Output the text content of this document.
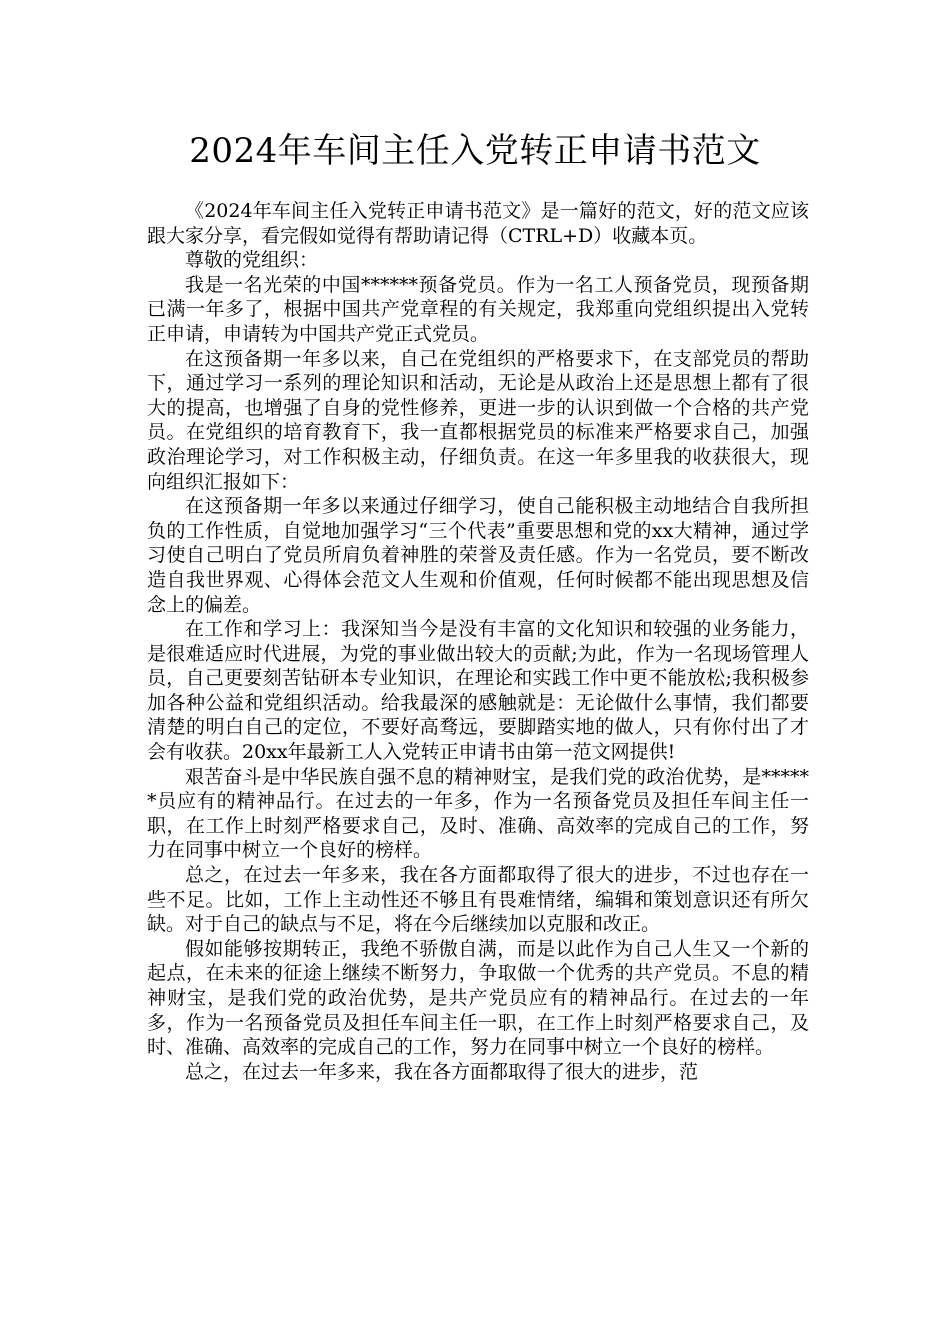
2024年车间主任入党转正申请书范文

《2024年车间主任入党转正申请书范文》是一篇好的范文，好的范文应该跟大家分享，看完假如觉得有帮助请记得（CTRL+D）收藏本页。

尊敬的党组织：

我是一名光荣的中国******预备党员。作为一名工人预备党员，现预备期已满一年多了，根据中国共产党章程的有关规定，我郑重向党组织提出入党转正申请，申请转为中国共产党正式党员。

在这预备期一年多以来，自己在党组织的严格要求下，在支部党员的帮助下，通过学习一系列的理论知识和活动，无论是从政治上还是思想上都有了很大的提高，也增强了自身的党性修养，更进一步的认识到做一个合格的共产党员。在党组织的培育教育下，我一直都根据党员的标准来严格要求自己，加强政治理论学习，对工作积极主动，仔细负责。在这一年多里我的收获很大，现向组织汇报如下：

在这预备期一年多以来通过仔细学习，使自己能积极主动地结合自我所担负的工作性质，自觉地加强学习“三个代表”重要思想和党的xx大精神，通过学习使自己明白了党员所肩负着神胜的荣誉及责任感。作为一名党员，要不断改造自我世界观、心得体会范文人生观和价值观，任何时候都不能出现思想及信念上的偏差。

在工作和学习上：我深知当今是没有丰富的文化知识和较强的业务能力，是很难适应时代进展，为党的事业做出较大的贡献;为此，作为一名现场管理人员，自己更要刻苦钻研本专业知识，在理论和实践工作中更不能放松;我积极参加各种公益和党组织活动。给我最深的感触就是：无论做什么事情，我们都要清楚的明白自己的定位，不要好高骛远，要脚踏实地的做人，只有你付出了才会有收获。20xx年最新工人入党转正申请书由第一范文网提供!

艰苦奋斗是中华民族自强不息的精神财宝，是我们党的政治优势，是******员应有的精神品行。在过去的一年多，作为一名预备党员及担任车间主任一职，在工作上时刻严格要求自己，及时、准确、高效率的完成自己的工作，努力在同事中树立一个良好的榜样。

总之，在过去一年多来，我在各方面都取得了很大的进步，不过也存在一些不足。比如，工作上主动性还不够且有畏难情绪，编辑和策划意识还有所欠缺。对于自己的缺点与不足，将在今后继续加以克服和改正。

假如能够按期转正，我绝不骄傲自满，而是以此作为自己人生又一个新的起点，在未来的征途上继续不断努力，争取做一个优秀的共产党员。不息的精神财宝，是我们党的政治优势，是共产党员应有的精神品行。在过去的一年多，作为一名预备党员及担任车间主任一职，在工作上时刻严格要求自己，及时、准确、高效率的完成自己的工作，努力在同事中树立一个良好的榜样。

总之，在过去一年多来，我在各方面都取得了很大的进步，范
